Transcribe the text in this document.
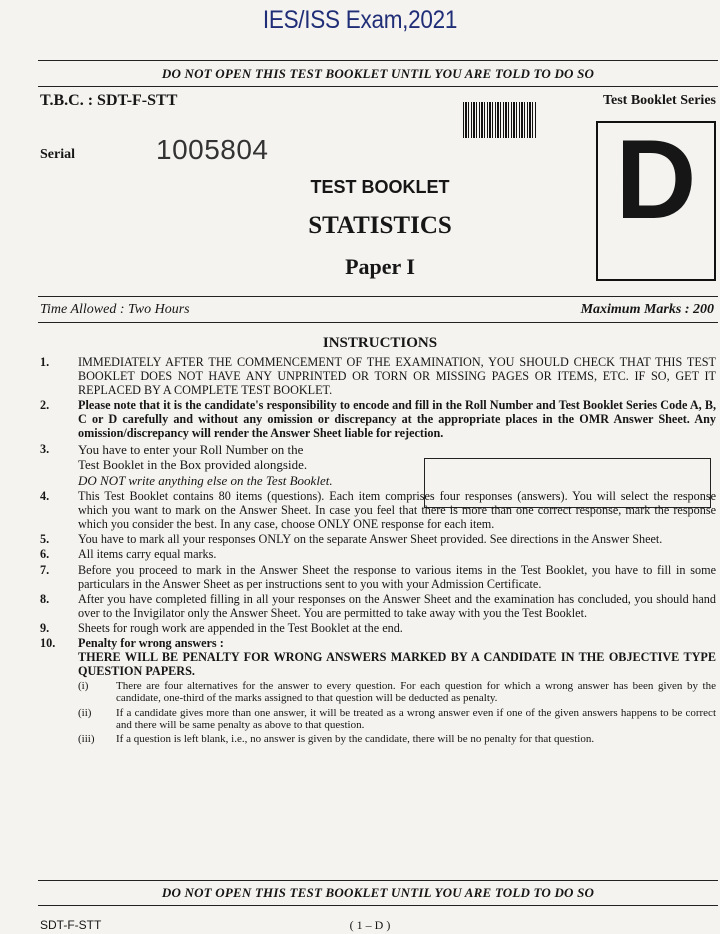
IES/ISS Exam,2021
DO NOT OPEN THIS TEST BOOKLET UNTIL YOU ARE TOLD TO DO SO
T.B.C. : SDT-F-STT	Test Booklet Series
D
Serial	1005804
TEST BOOKLET
STATISTICS
Paper I
Time Allowed : Two Hours	Maximum Marks : 200
INSTRUCTIONS
1.	IMMEDIATELY AFTER THE COMMENCEMENT OF THE EXAMINATION, YOU SHOULD CHECK THAT THIS TEST BOOKLET DOES NOT HAVE ANY UNPRINTED OR TORN OR MISSING PAGES OR ITEMS, ETC. IF SO, GET IT REPLACED BY A COMPLETE TEST BOOKLET.
2.	Please note that it is the candidate's responsibility to encode and fill in the Roll Number and Test Booklet Series Code A, B, C or D carefully and without any omission or discrepancy at the appropriate places in the OMR Answer Sheet. Any omission/discrepancy will render the Answer Sheet liable for rejection.
3.	You have to enter your Roll Number on the
Test Booklet in the Box provided alongside.
DO NOT write anything else on the Test Booklet.
4.	This Test Booklet contains 80 items (questions). Each item comprises four responses (answers). You will select the response which you want to mark on the Answer Sheet. In case you feel that there is more than one correct response, mark the response which you consider the best. In any case, choose ONLY ONE response for each item.
5.	You have to mark all your responses ONLY on the separate Answer Sheet provided. See directions in the Answer Sheet.
6.	All items carry equal marks.
7.	Before you proceed to mark in the Answer Sheet the response to various items in the Test Booklet, you have to fill in some particulars in the Answer Sheet as per instructions sent to you with your Admission Certificate.
8.	After you have completed filling in all your responses on the Answer Sheet and the examination has concluded, you should hand over to the Invigilator only the Answer Sheet. You are permitted to take away with you the Test Booklet.
9.	Sheets for rough work are appended in the Test Booklet at the end.
10.	Penalty for wrong answers :
THERE WILL BE PENALTY FOR WRONG ANSWERS MARKED BY A CANDIDATE IN THE OBJECTIVE TYPE QUESTION PAPERS.
(i)	There are four alternatives for the answer to every question. For each question for which a wrong answer has been given by the candidate, one-third of the marks assigned to that question will be deducted as penalty.
(ii)	If a candidate gives more than one answer, it will be treated as a wrong answer even if one of the given answers happens to be correct and there will be same penalty as above to that question.
(iii)	If a question is left blank, i.e., no answer is given by the candidate, there will be no penalty for that question.
DO NOT OPEN THIS TEST BOOKLET UNTIL YOU ARE TOLD TO DO SO
SDT-F-STT	( 1 – D )
